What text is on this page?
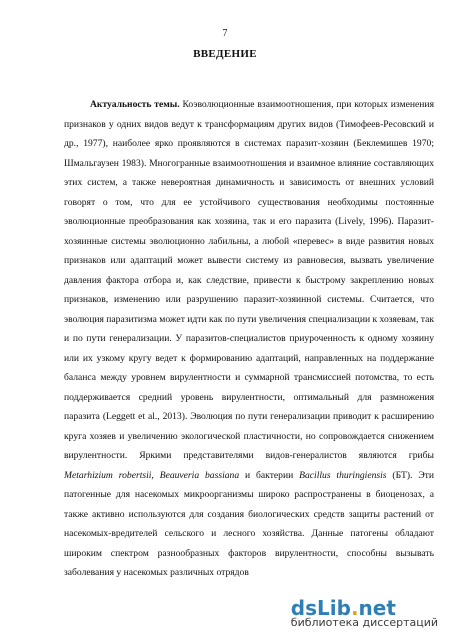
7
ВВЕДЕНИЕ

Актуальность темы. Коэволюционные взаимоотношения, при которых изменения признаков у одних видов ведут к трансформациям других видов (Тимофеев-Ресовский и др., 1977), наиболее ярко проявляются в системах паразит-хозяин (Беклемишев 1970; Шмальгаузен 1983). Многогранные взаимоотношения и взаимное влияние составляющих этих систем, а также невероятная динамичность и зависимость от внешних условий говорят о том, что для ее устойчивого существования необходимы постоянные эволюционные преобразования как хозяина, так и его паразита (Lively, 1996). Паразит-хозяинные системы эволюционно лабильны, а любой «перевес» в виде развития новых признаков или адаптаций может вывести систему из равновесия, вызвать увеличение давления фактора отбора и, как следствие, привести к быстрому закреплению новых признаков, изменению или разрушению паразит-хозяинной системы. Считается, что эволюция паразитизма может идти как по пути увеличения специализации к хозяевам, так и по пути генерализации. У паразитов-специалистов приуроченность к одному хозяину или их узкому кругу ведет к формированию адаптаций, направленных на поддержание баланса между уровнем вирулентности и суммарной трансмиссией потомства, то есть поддерживается средний уровень вирулентности, оптимальный для размножения паразита (Leggett et al., 2013). Эволюция по пути генерализации приводит к расширению круга хозяев и увеличению экологической пластичности, но сопровождается снижением вирулентности. Яркими представителями видов-генералистов являются грибы Metarhizium robertsii, Beauveria bassiana и бактерии Bacillus thuringiensis (БТ). Эти патогенные для насекомых микроорганизмы широко распространены в биоценозах, а также активно используются для создания биологических средств защиты растений от насекомых-вредителей сельского и лесного хозяйства. Данные патогены обладают широким спектром разнообразных факторов вирулентности, способны вызывать заболевания у насекомых различных отрядов

ds Lib . net
библиотека диссертаций
